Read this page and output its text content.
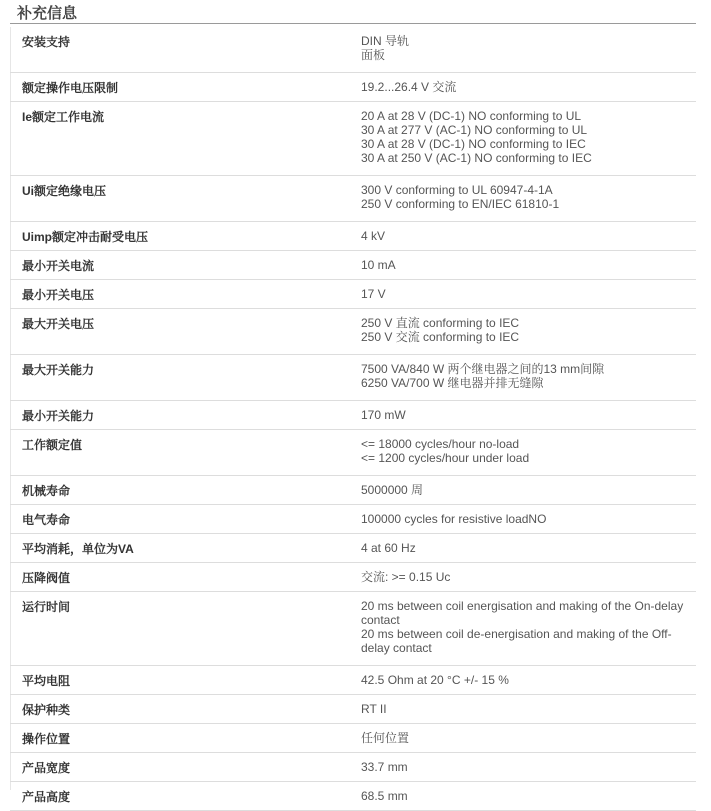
补充信息
安装支持	DIN 导轨
面板

额定操作电压限制	19.2...26.4 V 交流

Ie额定工作电流	20 A at 28 V (DC-1) NO conforming to UL
30 A at 277 V (AC-1) NO conforming to UL
30 A at 28 V (DC-1) NO conforming to IEC
30 A at 250 V (AC-1) NO conforming to IEC

Ui额定绝缘电压	300 V conforming to UL 60947-4-1A
250 V conforming to EN/IEC 61810-1

Uimp额定冲击耐受电压	4 kV

最小开关电流	10 mA

最小开关电压	17 V

最大开关电压	250 V 直流 conforming to IEC
250 V 交流 conforming to IEC

最大开关能力	7500 VA/840 W 两个继电器之间的13 mm间隙
6250 VA/700 W 继电器并排无缝隙

最小开关能力	170 mW

工作额定值	<= 18000 cycles/hour no-load
<= 1200 cycles/hour under load

机械寿命	5000000 周

电气寿命	100000 cycles for resistive loadNO

平均消耗，单位为VA	4 at 60 Hz

压降阀值	交流: >= 0.15 Uc

运行时间	20 ms between coil energisation and making of the On-delay contact
20 ms between coil de-energisation and making of the Off-delay contact

平均电阻	42.5 Ohm at 20 °C +/- 15 %

保护种类	RT II

操作位置	任何位置

产品宽度	33.7 mm

产品高度	68.5 mm
